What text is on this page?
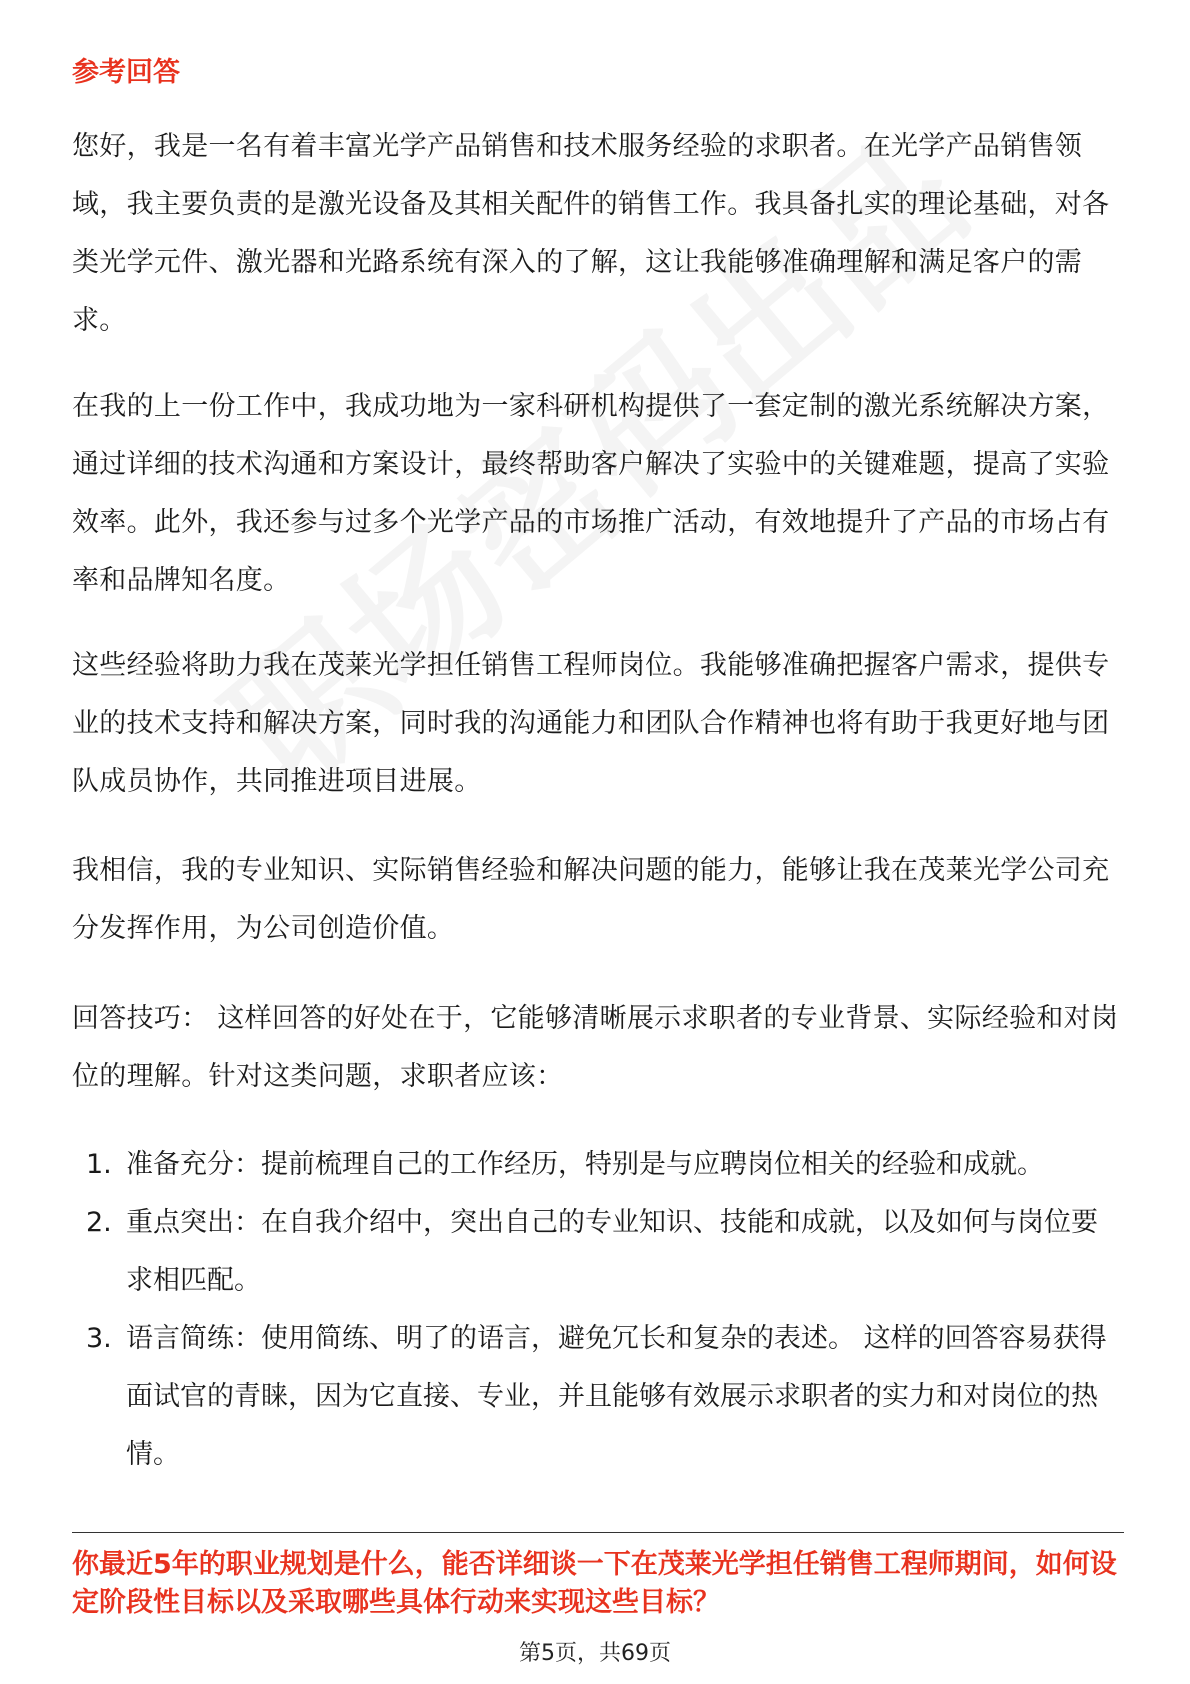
参考回答

您好，我是一名有着丰富光学产品销售和技术服务经验的求职者。在光学产品销售领域，我主要负责的是激光设备及其相关配件的销售工作。我具备扎实的理论基础，对各类光学元件、激光器和光路系统有深入的了解，这让我能够准确理解和满足客户的需求。

在我的上一份工作中，我成功地为一家科研机构提供了一套定制的激光系统解决方案，通过详细的技术沟通和方案设计，最终帮助客户解决了实验中的关键难题，提高了实验效率。此外，我还参与过多个光学产品的市场推广活动，有效地提升了产品的市场占有率和品牌知名度。

这些经验将助力我在茂莱光学担任销售工程师岗位。我能够准确把握客户需求，提供专业的技术支持和解决方案，同时我的沟通能力和团队合作精神也将有助于我更好地与团队成员协作，共同推进项目进展。

我相信，我的专业知识、实际销售经验和解决问题的能力，能够让我在茂莱光学公司充分发挥作用，为公司创造价值。

回答技巧： 这样回答的好处在于，它能够清晰展示求职者的专业背景、实际经验和对岗位的理解。针对这类问题，求职者应该：

1. 准备充分：提前梳理自己的工作经历，特别是与应聘岗位相关的经验和成就。
2. 重点突出：在自我介绍中，突出自己的专业知识、技能和成就，以及如何与岗位要求相匹配。
3. 语言简练：使用简练、明了的语言，避免冗长和复杂的表述。 这样的回答容易获得面试官的青睐，因为它直接、专业，并且能够有效展示求职者的实力和对岗位的热情。

你最近5年的职业规划是什么，能否详细谈一下在茂莱光学担任销售工程师期间，如何设定阶段性目标以及采取哪些具体行动来实现这些目标？

第5页，共69页
